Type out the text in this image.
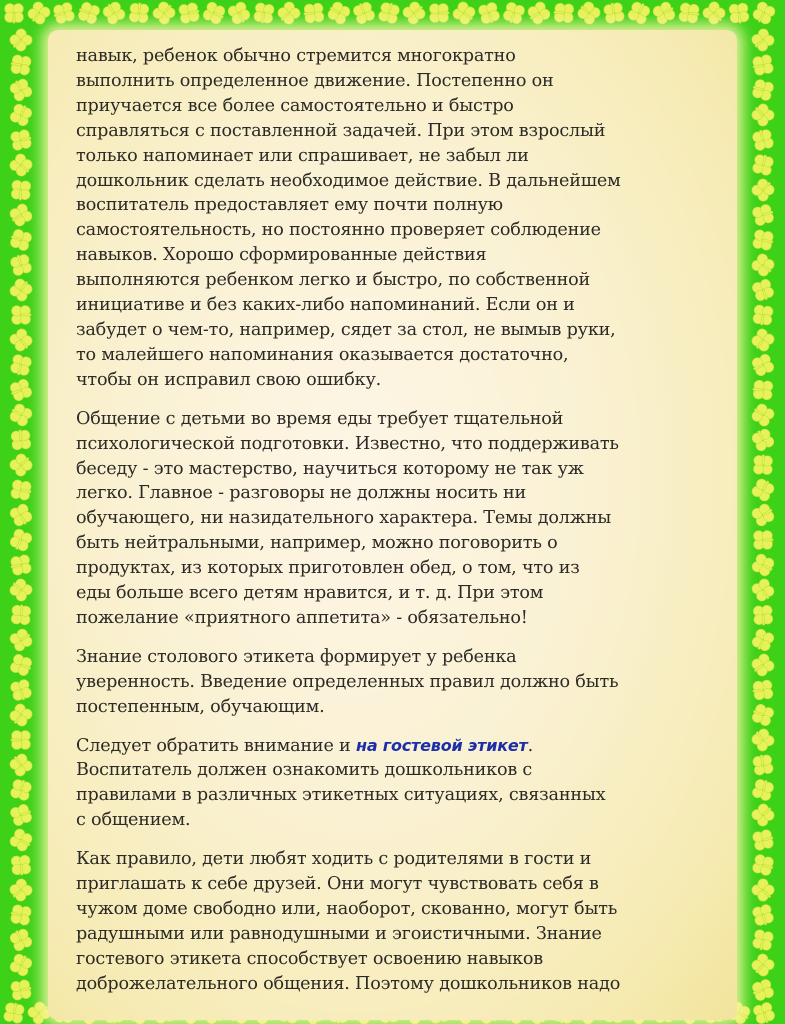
навык, ребенок обычно стремится многократно
выполнить определенное движение. Постепенно он
приучается все более самостоятельно и быстро
справляться с поставленной задачей. При этом взрослый
только напоминает или спрашивает, не забыл ли
дошкольник сделать необходимое действие. В дальнейшем
воспитатель предоставляет ему почти полную
самостоятельность, но постоянно проверяет соблюдение
навыков. Хорошо сформированные действия
выполняются ребенком легко и быстро, по собственной
инициативе и без каких-либо напоминаний. Если он и
забудет о чем-то, например, сядет за стол, не вымыв руки,
то малейшего напоминания оказывается достаточно,
чтобы он исправил свою ошибку.

Общение с детьми во время еды требует тщательной
психологической подготовки. Известно, что поддерживать
беседу - это мастерство, научиться которому не так уж
легко. Главное - разговоры не должны носить ни
обучающего, ни назидательного характера. Темы должны
быть нейтральными, например, можно поговорить о
продуктах, из которых приготовлен обед, о том, что из
еды больше всего детям нравится, и т. д. При этом
пожелание «приятного аппетита» - обязательно!

Знание столового этикета формирует у ребенка
уверенность. Введение определенных правил должно быть
постепенным, обучающим.

Следует обратить внимание и на гостевой этикет.
Воспитатель должен ознакомить дошкольников с
правилами в различных этикетных ситуациях, связанных
с общением.

Как правило, дети любят ходить с родителями в гости и
приглашать к себе друзей. Они могут чувствовать себя в
чужом доме свободно или, наоборот, скованно, могут быть
радушными или равнодушными и эгоистичными. Знание
гостевого этикета способствует освоению навыков
доброжелательного общения. Поэтому дошкольников надо
